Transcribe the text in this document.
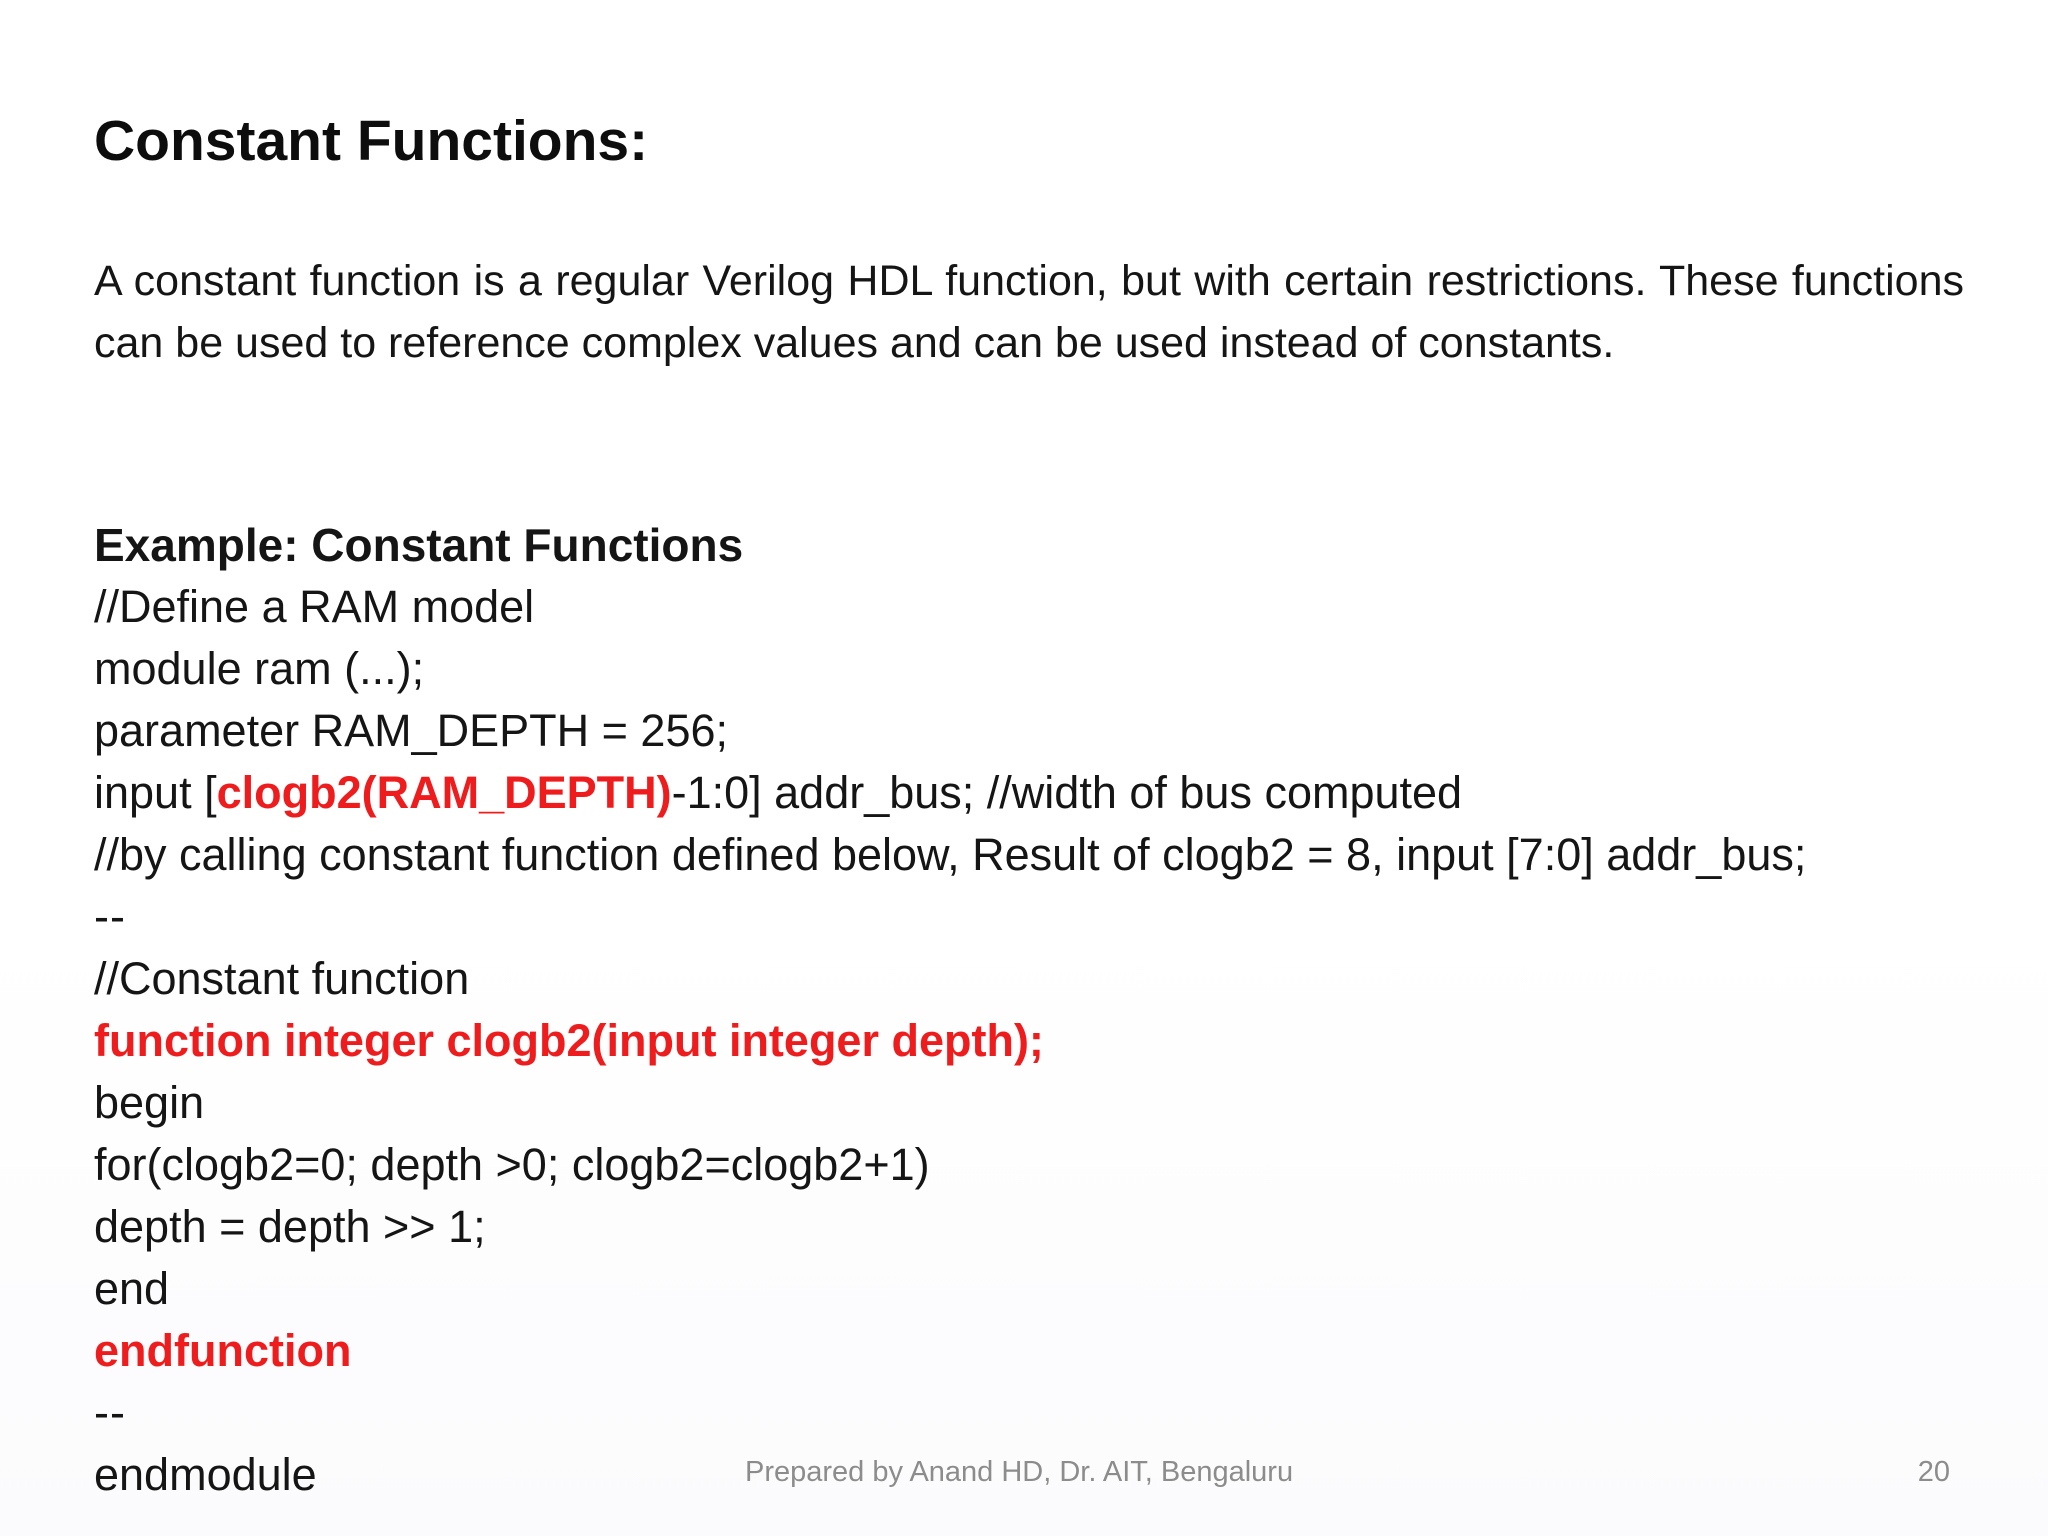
Constant Functions:

A constant function is a regular Verilog HDL function, but with certain restrictions. These functions can be used to reference complex values and can be used instead of constants.

Example: Constant Functions
//Define a RAM model
module ram (...);
parameter RAM_DEPTH = 256;
input [clogb2(RAM_DEPTH)-1:0] addr_bus; //width of bus computed
//by calling constant function defined below, Result of clogb2 = 8, input [7:0] addr_bus;
--
//Constant function
function integer clogb2(input integer depth);
begin
for(clogb2=0; depth >0; clogb2=clogb2+1)
depth = depth >> 1;
end
endfunction
--
endmodule	Prepared by Anand HD, Dr. AIT, Bengaluru	20
